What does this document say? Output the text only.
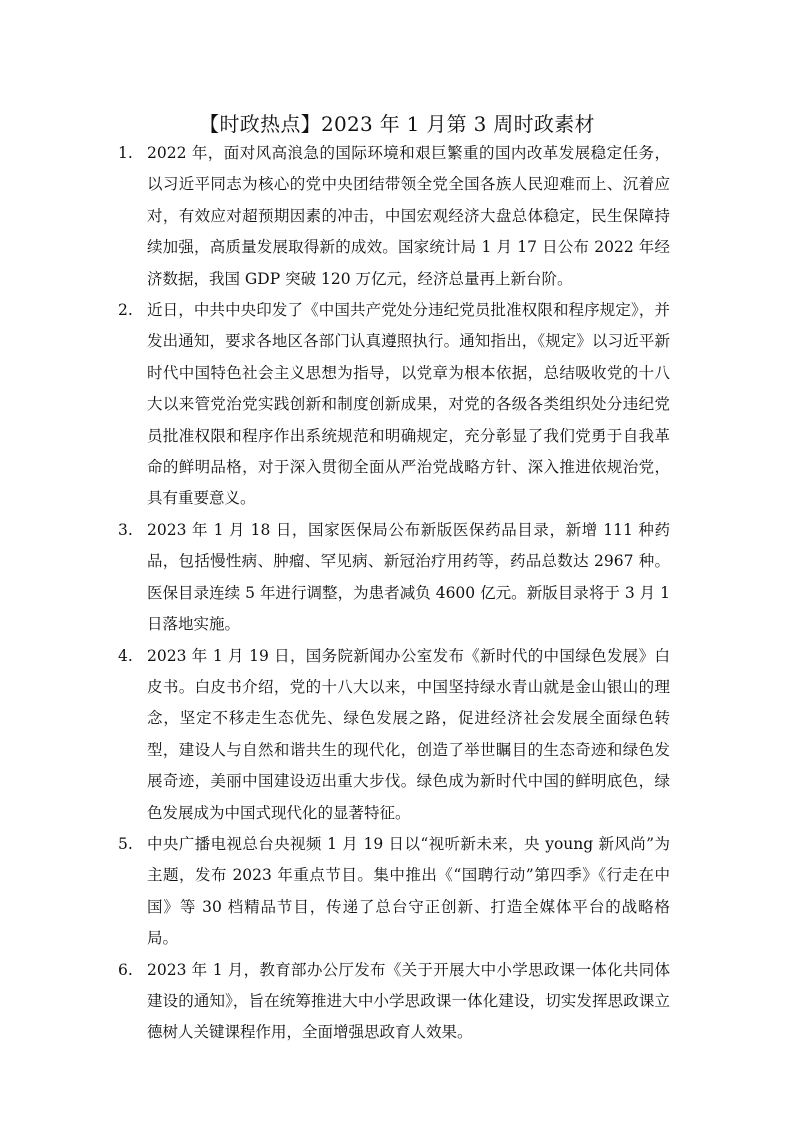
【时政热点】2023 年 1 月第 3 周时政素材
1. 2022 年，面对风高浪急的国际环境和艰巨繁重的国内改革发展稳定任务，以习近平同志为核心的党中央团结带领全党全国各族人民迎难而上、沉着应对，有效应对超预期因素的冲击，中国宏观经济大盘总体稳定，民生保障持续加强，高质量发展取得新的成效。国家统计局 1 月 17 日公布 2022 年经济数据，我国 GDP 突破 120 万亿元，经济总量再上新台阶。
2. 近日，中共中央印发了《中国共产党处分违纪党员批准权限和程序规定》，并发出通知，要求各地区各部门认真遵照执行。通知指出，《规定》以习近平新时代中国特色社会主义思想为指导，以党章为根本依据，总结吸收党的十八大以来管党治党实践创新和制度创新成果，对党的各级各类组织处分违纪党员批准权限和程序作出系统规范和明确规定，充分彰显了我们党勇于自我革命的鲜明品格，对于深入贯彻全面从严治党战略方针、深入推进依规治党，具有重要意义。
3. 2023 年 1 月 18 日，国家医保局公布新版医保药品目录，新增 111 种药品，包括慢性病、肿瘤、罕见病、新冠治疗用药等，药品总数达 2967 种。医保目录连续 5 年进行调整，为患者减负 4600 亿元。新版目录将于 3 月 1 日落地实施。
4. 2023 年 1 月 19 日，国务院新闻办公室发布《新时代的中国绿色发展》白皮书。白皮书介绍，党的十八大以来，中国坚持绿水青山就是金山银山的理念，坚定不移走生态优先、绿色发展之路，促进经济社会发展全面绿色转型，建设人与自然和谐共生的现代化，创造了举世瞩目的生态奇迹和绿色发展奇迹，美丽中国建设迈出重大步伐。绿色成为新时代中国的鲜明底色，绿色发展成为中国式现代化的显著特征。
5. 中央广播电视总台央视频 1 月 19 日以“视听新未来，央 young 新风尚”为主题，发布 2023 年重点节目。集中推出《“国聘行动”第四季》《行走在中国》等 30 档精品节目，传递了总台守正创新、打造全媒体平台的战略格局。
6. 2023 年 1 月，教育部办公厅发布《关于开展大中小学思政课一体化共同体建设的通知》，旨在统筹推进大中小学思政课一体化建设，切实发挥思政课立德树人关键课程作用，全面增强思政育人效果。
